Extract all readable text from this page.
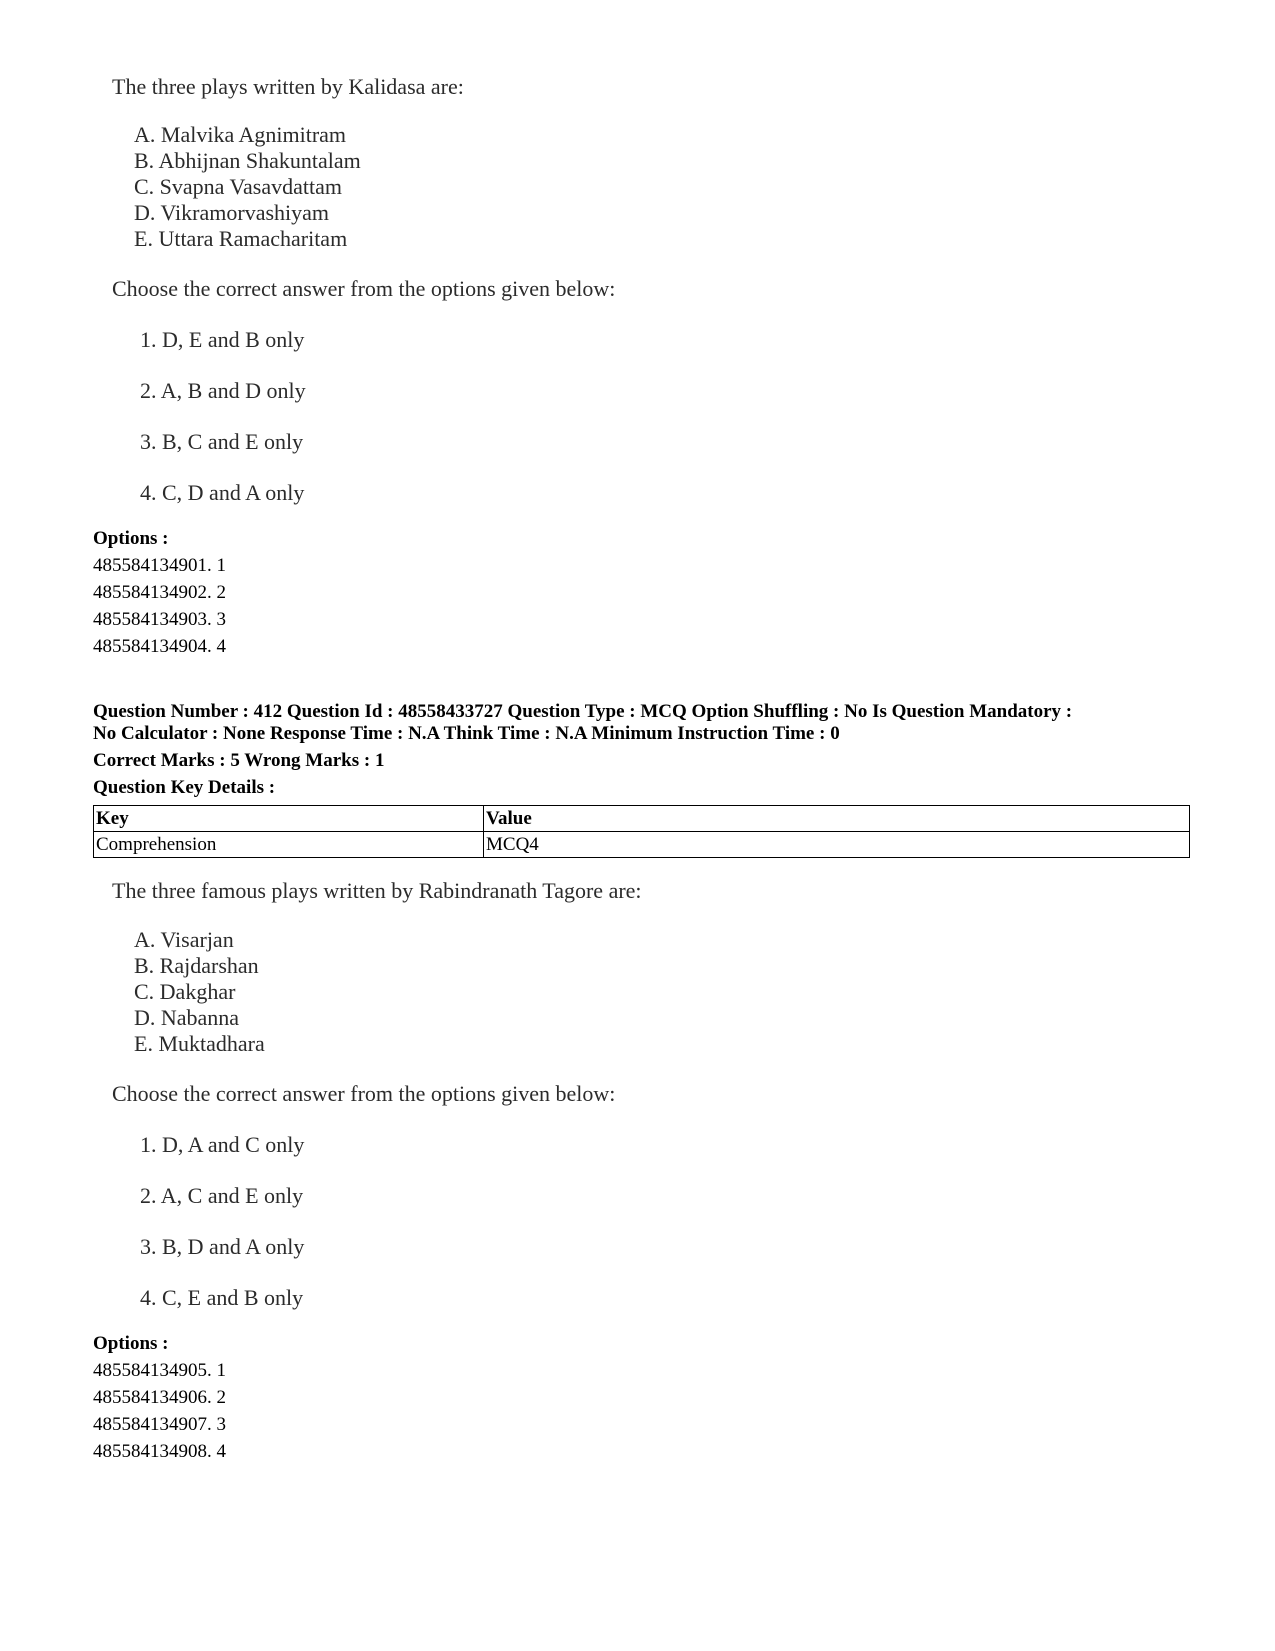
The three plays written by Kalidasa are:
A. Malvika Agnimitram
B. Abhijnan Shakuntalam
C. Svapna Vasavdattam
D. Vikramorvashiyam
E. Uttara Ramacharitam
Choose the correct answer from the options given below:
1. D, E and B only
2. A, B and D only
3. B, C and E only
4. C, D and A only
Options :
485584134901. 1
485584134902. 2
485584134903. 3
485584134904. 4
Question Number : 412 Question Id : 48558433727 Question Type : MCQ Option Shuffling : No Is Question Mandatory :
No Calculator : None Response Time : N.A Think Time : N.A Minimum Instruction Time : 0
Correct Marks : 5 Wrong Marks : 1
Question Key Details :
Key	Value
Comprehension	MCQ4
The three famous plays written by Rabindranath Tagore are:
A. Visarjan
B. Rajdarshan
C. Dakghar
D. Nabanna
E. Muktadhara
Choose the correct answer from the options given below:
1. D, A and C only
2. A, C and E only
3. B, D and A only
4. C, E and B only
Options :
485584134905. 1
485584134906. 2
485584134907. 3
485584134908. 4
